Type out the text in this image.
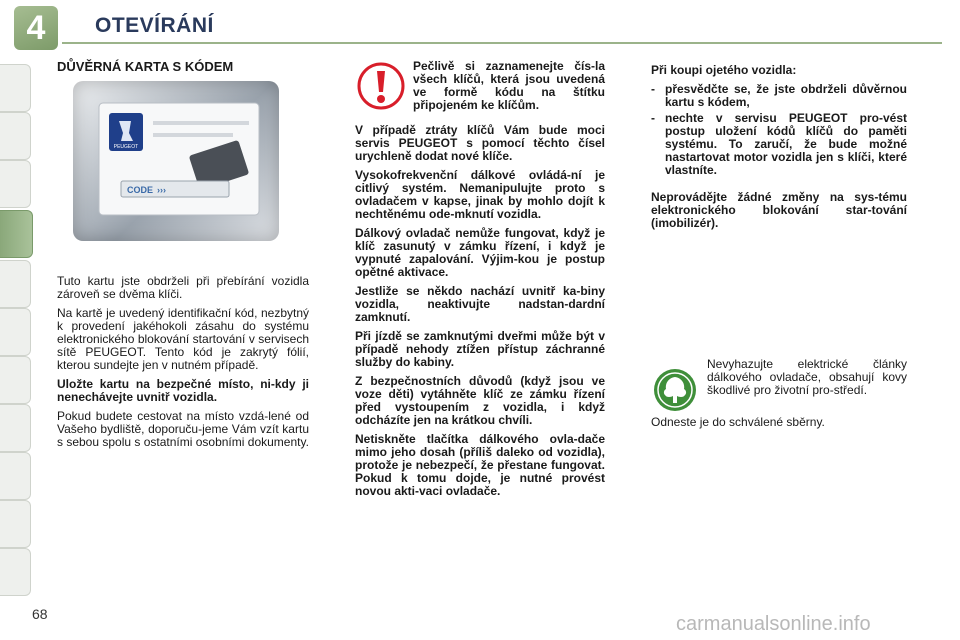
4	OTEVÍRÁNÍ
DŮVĚRNÁ KARTA S KÓDEM
PEUGEOT
CODE ›››

Tuto kartu jste obdrželi při přebírání vozidla zároveň se dvěma klíči.

Na kartě je uvedený identifikační kód, nezbytný k provedení jakéhokoli zásahu do systému elektronického blokování startování v servisech sítě PEUGEOT. Tento kód je zakrytý fólií, kterou sundejte jen v nutném případě.

Uložte kartu na bezpečné místo, ni-kdy ji nenechávejte uvnitř vozidla.

Pokud budete cestovat na místo vzdá-lené od Vašeho bydliště, doporuču-jeme Vám vzít kartu s sebou spolu s ostatními osobními dokumenty.

Pečlivě si zaznamenejte čís-la všech klíčů, která jsou uvedená ve formě kódu na štítku připojeném ke klíčům.

V případě ztráty klíčů Vám bude moci servis PEUGEOT s pomocí těchto čísel urychleně dodat nové klíče.

Vysokofrekvenční dálkové ovládá-ní je citlivý systém. Nemanipulujte proto s ovladačem v kapse, jinak by mohlo dojít k nechtěnému ode-mknutí vozidla.

Dálkový ovladač nemůže fungovat, když je klíč zasunutý v zámku řízení, i když je vypnuté zapalování. Výjim-kou je postup opětné aktivace.

Jestliže se někdo nachází uvnitř ka-biny vozidla, neaktivujte nadstan-dardní zamknutí.

Při jízdě se zamknutými dveřmi může být v případě nehody ztížen přístup záchranné služby do kabiny.

Z bezpečnostních důvodů (když jsou ve voze děti) vytáhněte klíč ze zámku řízení před vystoupením z vozidla, i když odcházíte jen na krátkou chvíli.

Netiskněte tlačítka dálkového ovla-dače mimo jeho dosah (příliš daleko od vozidla), protože je nebezpečí, že přestane fungovat. Pokud k tomu dojde, je nutné provést novou akti-vaci ovladače.

Při koupi ojetého vozidla:

- přesvědčte se, že jste obdrželi důvěrnou kartu s kódem,
- nechte v servisu PEUGEOT pro-vést postup uložení kódů klíčů do paměti systému. To zaručí, že bude možné nastartovat motor vozidla jen s klíči, které vlastníte.

Neprovádějte žádné změny na sys-tému elektronického blokování star-tování (imobilizér).

Nevyhazujte elektrické články dálkového ovladače, obsahují kovy škodlivé pro životní pro-středí.

Odneste je do schválené sběrny.

68	carmanualsonline.info
